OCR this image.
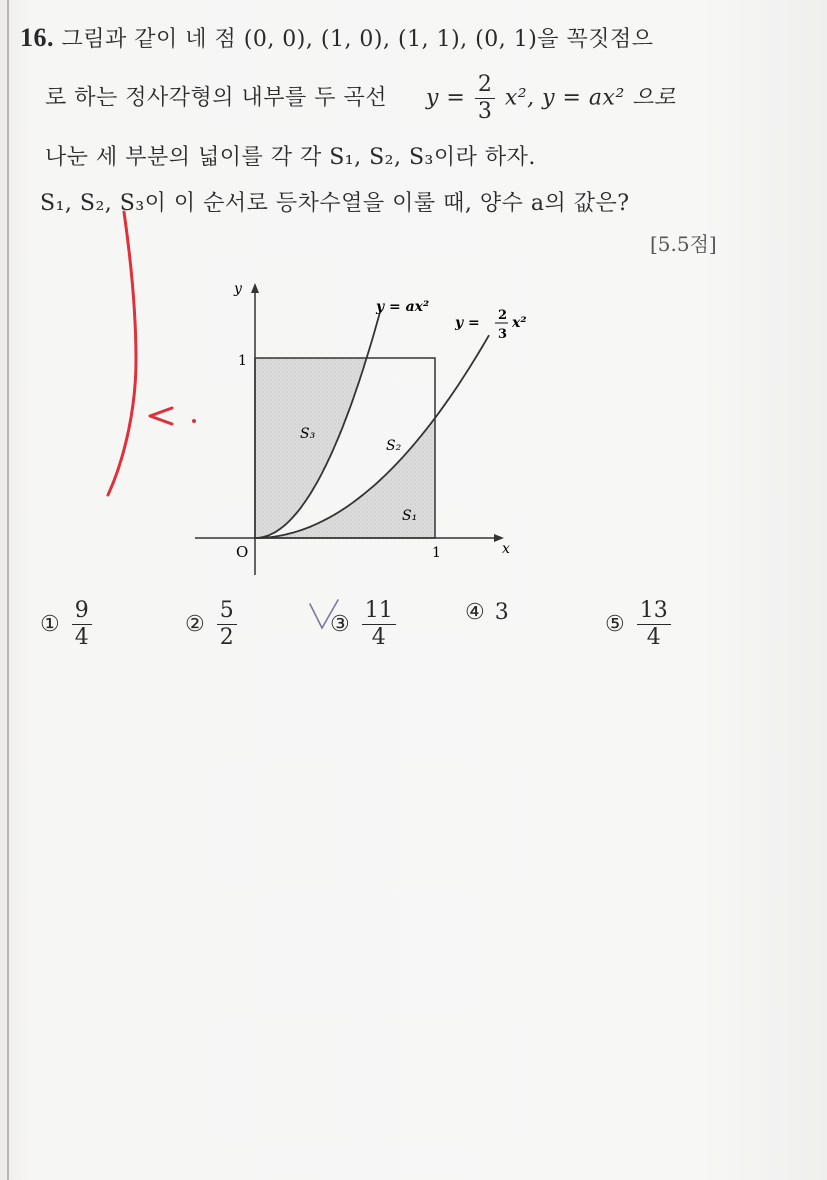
16. 그림과 같이 네 점 (0, 0), (1, 0), (1, 1), (0, 1)을 꼭짓점으
로 하는 정사각형의 내부를 두 곡선 $y = \frac{2}{3} x^2$, y = ax² 으로
나눈 세 부분의 넓이를 각 각 S₁, S₂, S₃이라 하자.
S₁, S₂, S₃이 이 순서로 등차수열을 이룰 때, 양수 a의 값은?
[5.5점]
y
x
O	1
1
y = ax²
y = 2
3
x²
S₃
S₂
S₁
① $\frac{9}{4}$	② $\frac{5}{2}$	③ $\frac{11}{4}$	④ 3	⑤ $\frac{13}{4}$
